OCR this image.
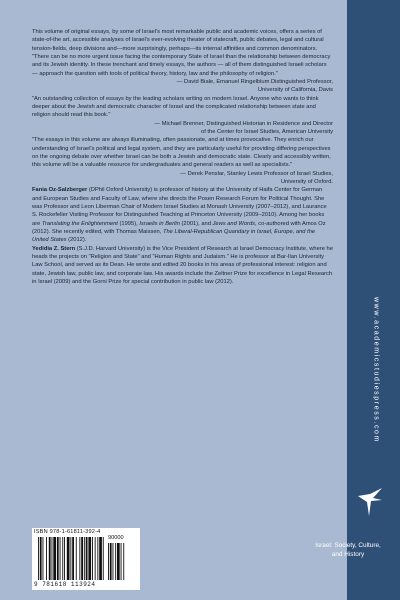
This volume of original essays, by some of Israel's most remarkable public and academic voices, offers a series of state-of-the art, accessible analyses of Israel's ever-evolving theater of statecraft, public debates, legal and cultural tension-fields, deep divisions and—more surprisingly, perhaps—its internal affinities and common denominators.

"There can be no more urgent issue facing the contemporary State of Israel than the relationship between democracy and its Jewish identity. In these trenchant and timely essays, the authors — all of them distinguished Israeli scholars — approach the question with tools of political theory, history, law and the philosophy of religion."

— David Biale, Emanuel Ringelblum Distinguished Professor,
University of California, Davis

"An outstanding collection of essays by the leading scholars writing on modern Israel. Anyone who wants to think deeper about the Jewish and democratic character of Israel and the complicated relationship between state and religion should read this book."

— Michael Brenner, Distinguished Historian in Residence and Director
of the Center for Israel Studies, American University

"The essays in this volume are always illuminating, often passionate, and at times provocative. They enrich our understanding of Israel's political and legal system, and they are particularly useful for providing differing perspectives on the ongoing debate over whether Israel can be both a Jewish and democratic state. Clearly and accessibly written, this volume will be a valuable resource for undergraduates and general readers as well as specialists."

— Derek Penslar, Stanley Lewis Professor of Israel Studies,
University of Oxford.

Fania Oz-Salzberger (DPhil Oxford University) is professor of history at the University of Haifa Center for German and European Studies and Faculty of Law, where she directs the Posen Research Forum for Political Thought. She was Professor and Leon Liberman Chair of Modern Israel Studies at Monash University (2007–2012), and Laurance S. Rockefeller Visiting Professor for Distinguished Teaching at Princeton University (2009–2010). Among her books are Translating the Enlightenment (1995), Israelis in Berlin (2001), and Jews and Words, co-authored with Amos Oz (2012). She recently edited, with Thomas Maissen, The Liberal-Republican Quandary in Israel, Europe, and the United States (2012).

Yedidia Z. Stern (S.J.D. Harvard University) is the Vice President of Research at Israel Democracy Institute, where he heads the projects on "Religion and State" and "Human Rights and Judaism." He is professor at Bar-Ilan University Law School, and served as its Dean. He wrote and edited 20 books in his areas of professional interest: religion and state, Jewish law, public law, and corporate law. His awards include the Zeltner Prize for excellence in Legal Research in Israel (2009) and the Gorni Prize for special contribution in public law (2012).

www.academicstudiespress.com
Israel: Society, Culture,
and History
ISBN 978-1-61811-392-4
90000
9 781618 113924
